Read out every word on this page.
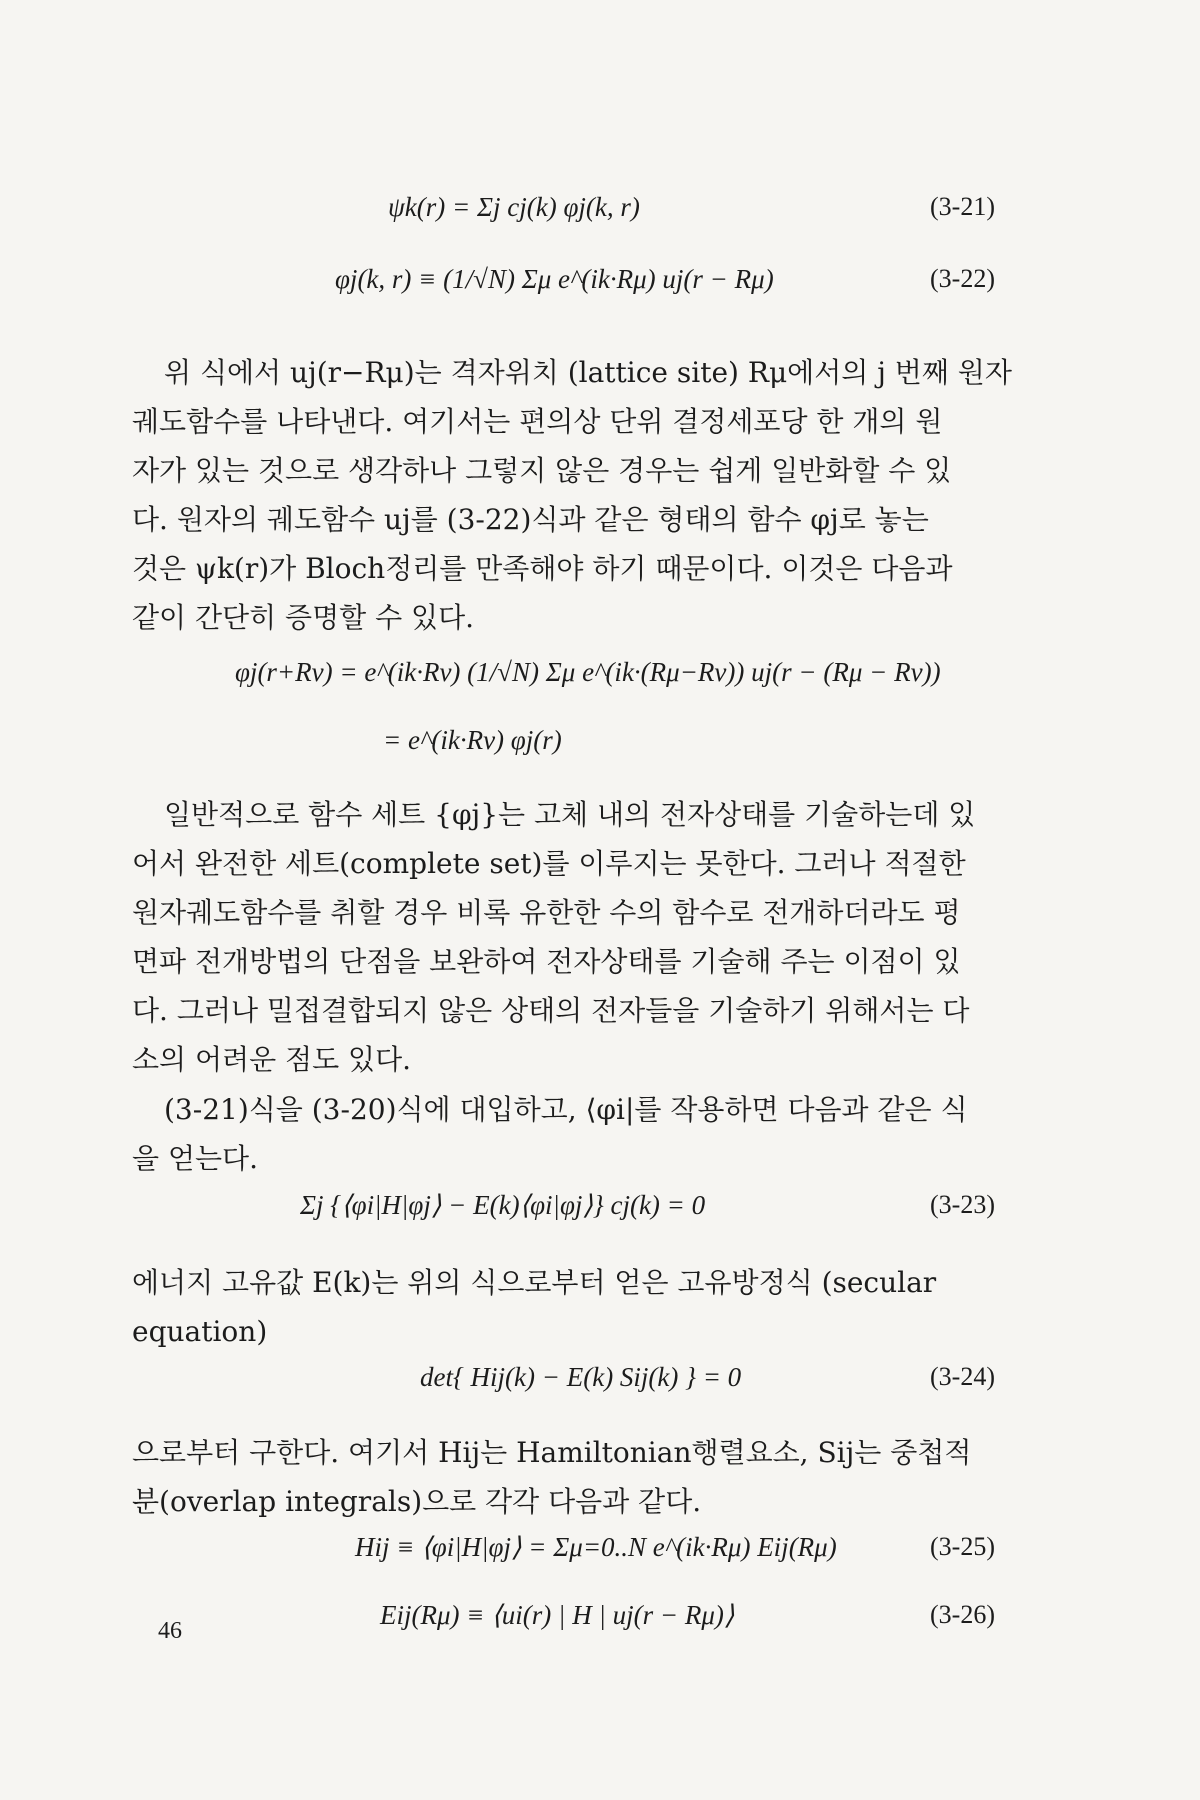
ψk(r) = Σj cj(k) φj(k, r)	(3-21)
φj(k, r) ≡ (1/√N) Σμ e^(ik·Rμ) uj(r − Rμ)	(3-22)
위 식에서 uj(r−Rμ)는 격자위치 (lattice site) Rμ에서의 j 번째 원자
궤도함수를 나타낸다. 여기서는 편의상 단위 결정세포당 한 개의 원
자가 있는 것으로 생각하나 그렇지 않은 경우는 쉽게 일반화할 수 있
다. 원자의 궤도함수 uj를 (3-22)식과 같은 형태의 함수 φj로 놓는
것은 ψk(r)가 Bloch정리를 만족해야 하기 때문이다. 이것은 다음과
같이 간단히 증명할 수 있다.
φj(r+Rν) = e^(ik·Rν) (1/√N) Σμ e^(ik·(Rμ−Rν)) uj(r − (Rμ − Rν))
= e^(ik·Rν) φj(r)
일반적으로 함수 세트 {φj}는 고체 내의 전자상태를 기술하는데 있
어서 완전한 세트(complete set)를 이루지는 못한다. 그러나 적절한
원자궤도함수를 취할 경우 비록 유한한 수의 함수로 전개하더라도 평
면파 전개방법의 단점을 보완하여 전자상태를 기술해 주는 이점이 있
다. 그러나 밀접결합되지 않은 상태의 전자들을 기술하기 위해서는 다
소의 어려운 점도 있다.
(3-21)식을 (3-20)식에 대입하고, ⟨φi|를 작용하면 다음과 같은 식
을 얻는다.
Σj {⟨φi|H|φj⟩ − E(k)⟨φi|φj⟩} cj(k) = 0	(3-23)
에너지 고유값 E(k)는 위의 식으로부터 얻은 고유방정식 (secular
equation)
det{ Hij(k) − E(k) Sij(k) } = 0	(3-24)
으로부터 구한다. 여기서 Hij는 Hamiltonian행렬요소, Sij는 중첩적
분(overlap integrals)으로 각각 다음과 같다.
Hij ≡ ⟨φi|H|φj⟩ = Σμ=0..N e^(ik·Rμ) Eij(Rμ)	(3-25)
Eij(Rμ) ≡ ⟨ui(r) | H | uj(r − Rμ)⟩	(3-26)
46
